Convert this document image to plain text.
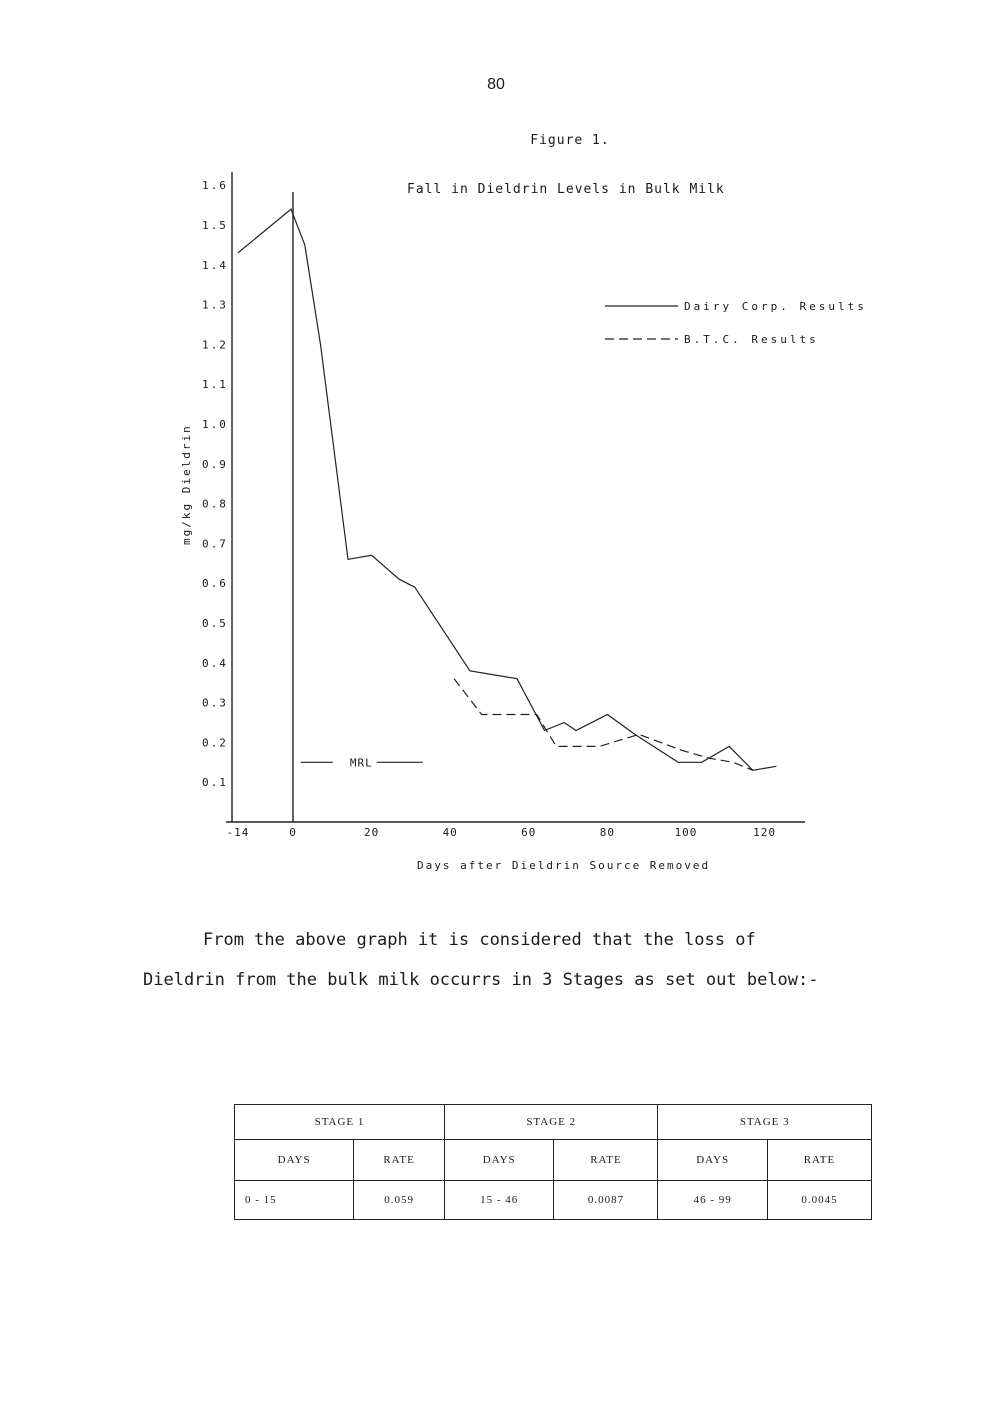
80
Figure 1.
Fall in Dieldrin Levels in Bulk Milk
mg/kg Dieldrin
Days after Dieldrin Source Removed
0.1
0.2
0.3
0.4
0.5
0.6
0.7
0.8
0.9
1.0
1.1
1.2
1.3
1.4
1.5
1.6
-14	0	20	40	60	80	100	120
Dairy Corp. Results
B.T.C. Results
MRL
From the above graph it is considered that the loss of
Dieldrin from the bulk milk occurrs in 3 Stages as set out below:-
STAGE 1		STAGE 2		STAGE 3	
DAYS	RATE	DAYS	RATE	DAYS	RATE
0 - 15	0.059	15 - 46	0.0087	46 - 99	0.0045
